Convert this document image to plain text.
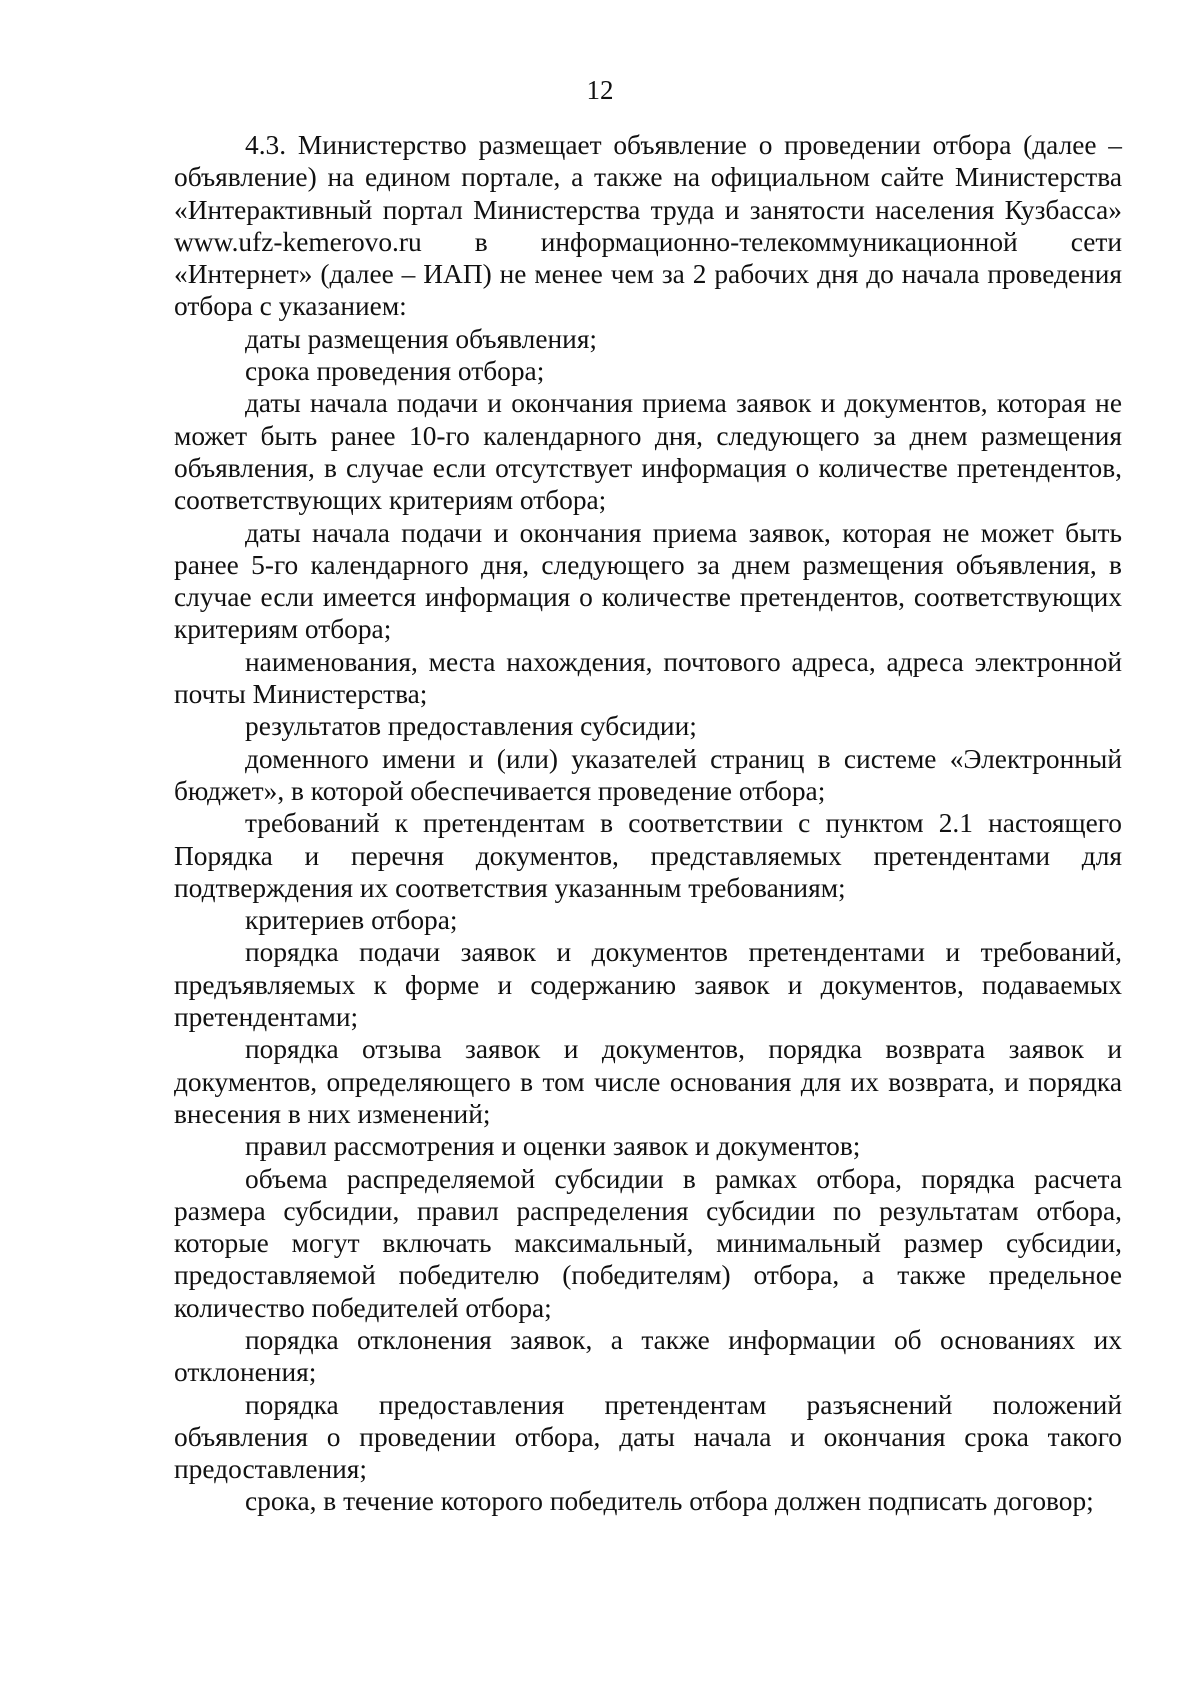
12

4.3. Министерство размещает объявление о проведении отбора (далее – объявление) на едином портале, а также на официальном сайте Министерства «Интерактивный портал Министерства труда и занятости населения Кузбасса» www.ufz-kemerovo.ru в информационно-телекоммуникационной сети «Интернет» (далее – ИАП) не менее чем за 2 рабочих дня до начала проведения отбора с указанием:

даты размещения объявления;

срока проведения отбора;

даты начала подачи и окончания приема заявок и документов, которая не может быть ранее 10-го календарного дня, следующего за днем размещения объявления, в случае если отсутствует информация о количестве претендентов, соответствующих критериям отбора;

даты начала подачи и окончания приема заявок, которая не может быть ранее 5-го календарного дня, следующего за днем размещения объявления, в случае если имеется информация о количестве претендентов, соответствующих критериям отбора;

наименования, места нахождения, почтового адреса, адреса электронной почты Министерства;

результатов предоставления субсидии;

доменного имени и (или) указателей страниц в системе «Электронный бюджет», в которой обеспечивается проведение отбора;

требований к претендентам в соответствии с пунктом 2.1 настоящего Порядка и перечня документов, представляемых претендентами для подтверждения их соответствия указанным требованиям;

критериев отбора;

порядка подачи заявок и документов претендентами и требований, предъявляемых к форме и содержанию заявок и документов, подаваемых претендентами;

порядка отзыва заявок и документов, порядка возврата заявок и документов, определяющего в том числе основания для их возврата, и порядка внесения в них изменений;

правил рассмотрения и оценки заявок и документов;

объема распределяемой субсидии в рамках отбора, порядка расчета размера субсидии, правил распределения субсидии по результатам отбора, которые могут включать максимальный, минимальный размер субсидии, предоставляемой победителю (победителям) отбора, а также предельное количество победителей отбора;

порядка отклонения заявок, а также информации об основаниях их отклонения;

порядка предоставления претендентам разъяснений положений объявления о проведении отбора, даты начала и окончания срока такого предоставления;

срока, в течение которого победитель отбора должен подписать договор;
